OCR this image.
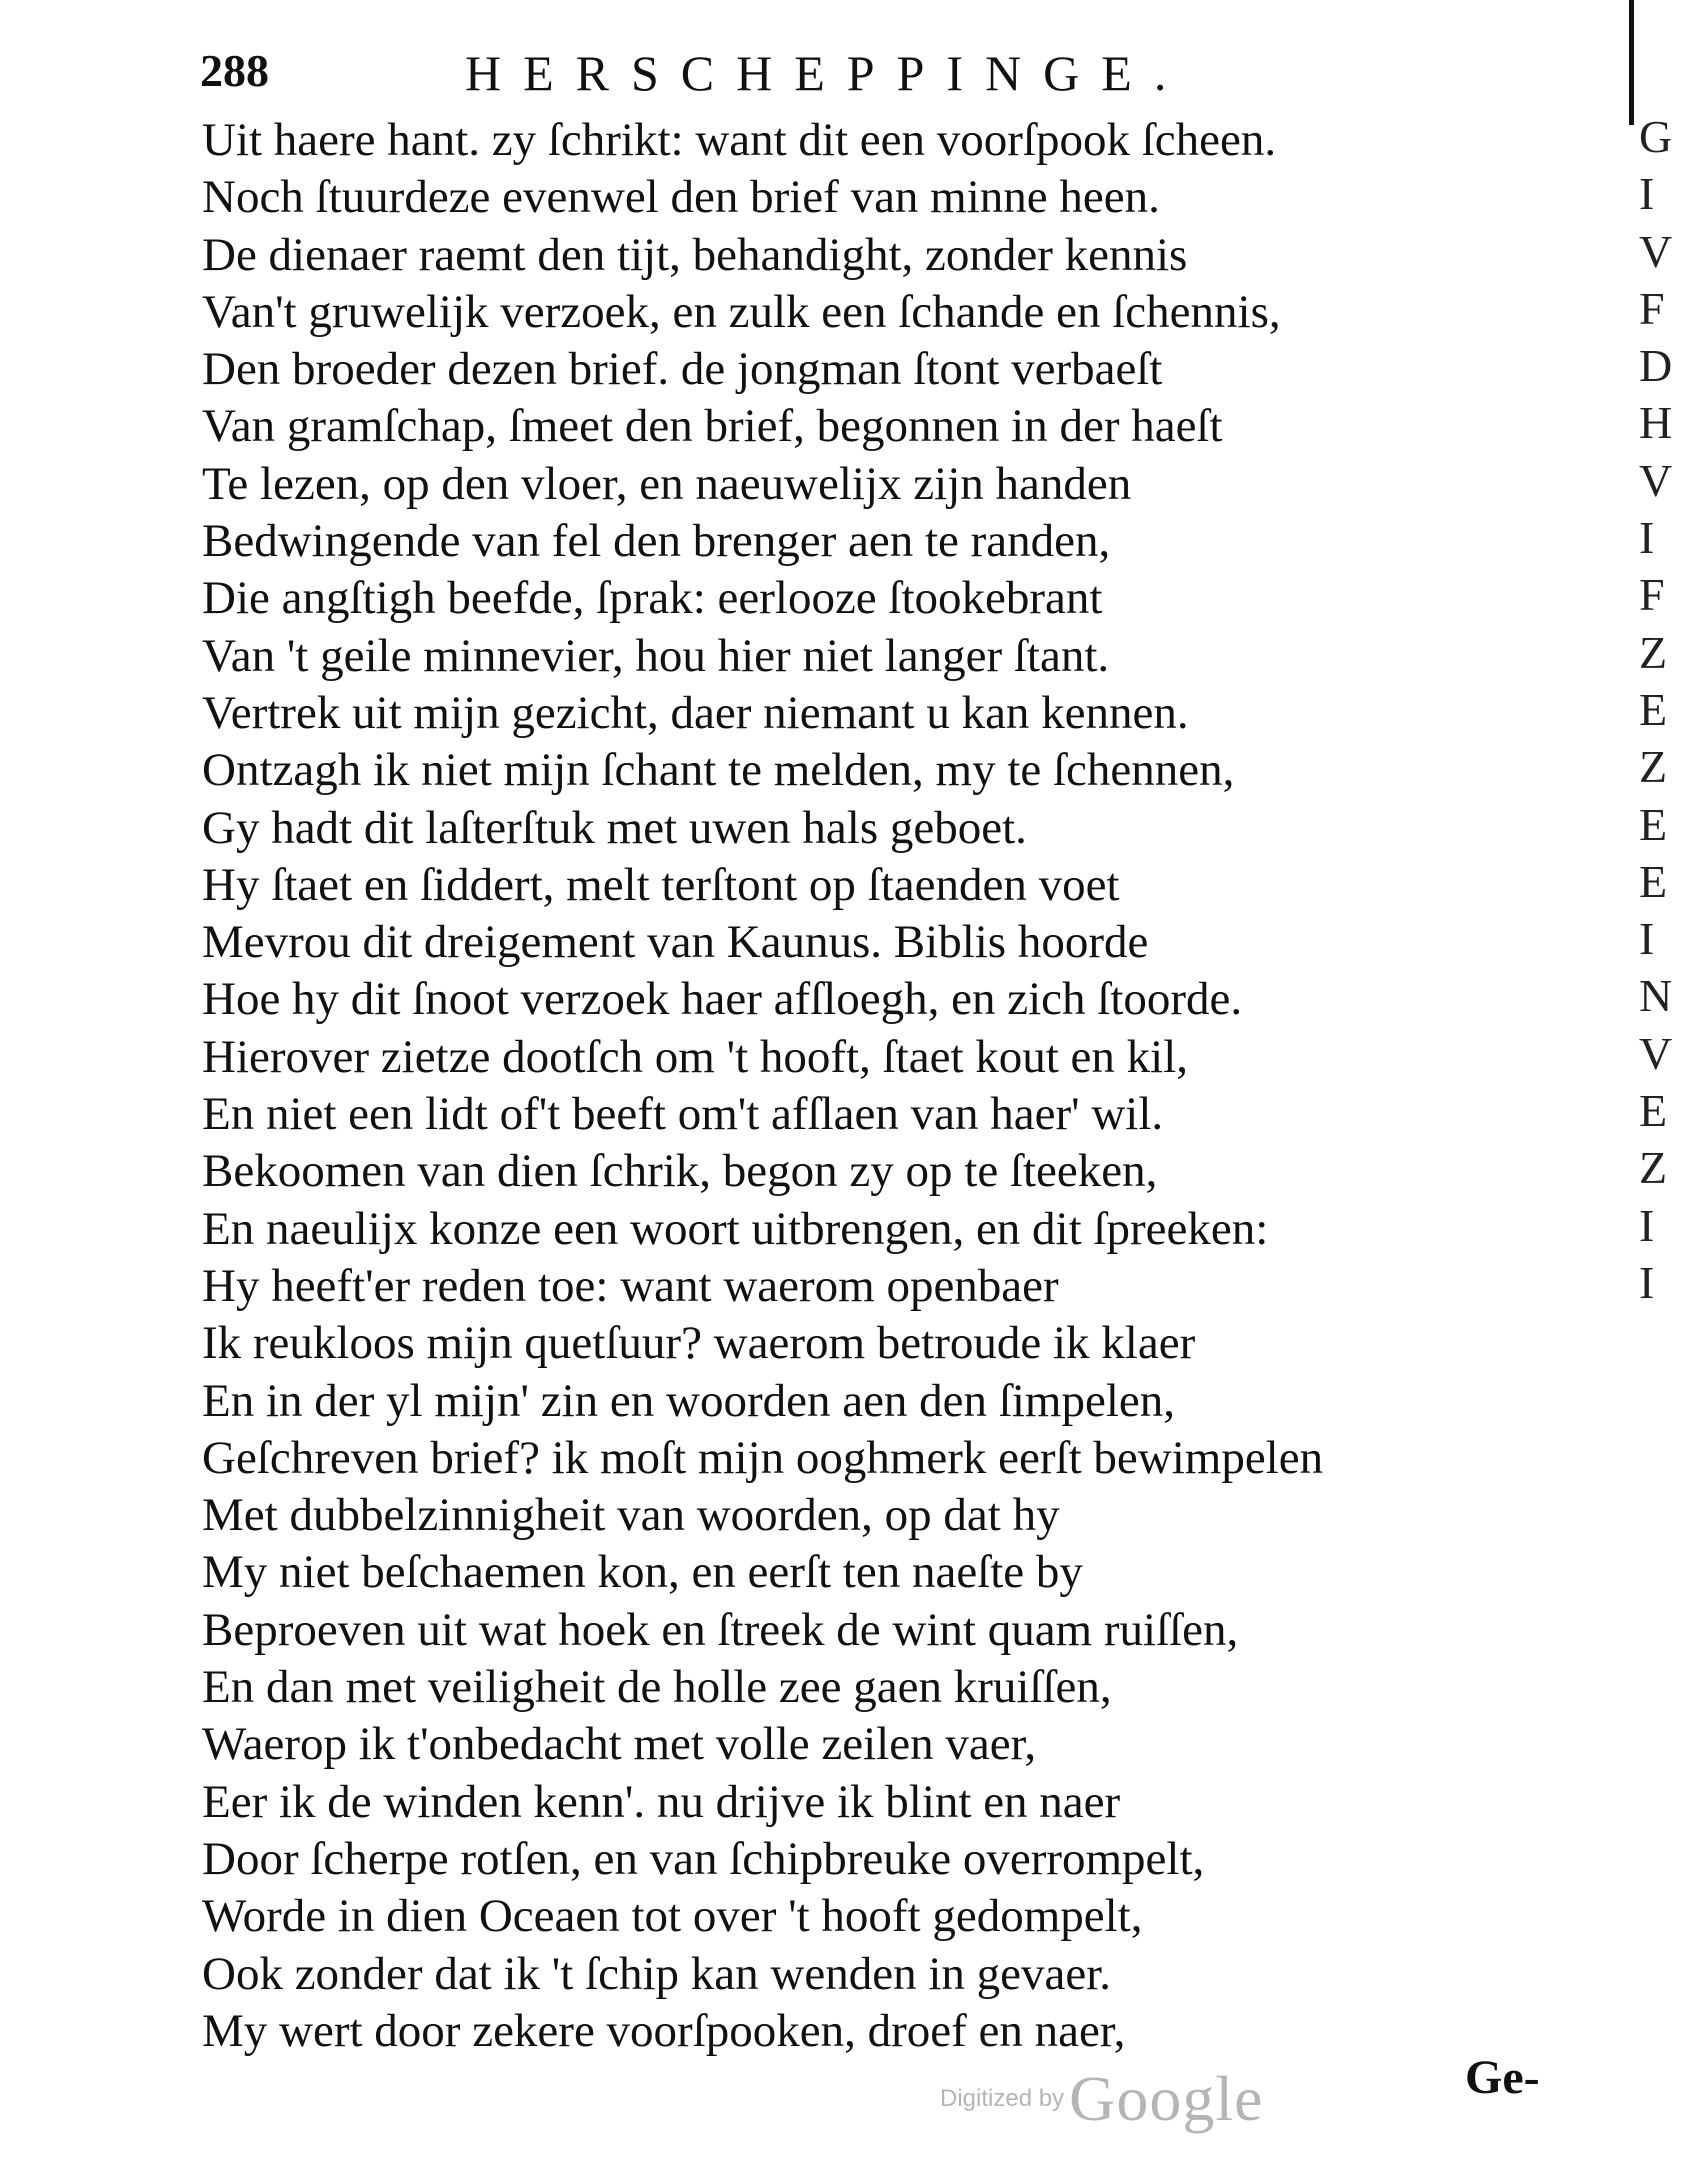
288	HERSCHEPPINGE.
Uit haere hant. zy ſchrikt: want dit een voorſpook ſcheen.
Noch ſtuurdeze evenwel den brief van minne heen.
De dienaer raemt den tijt, behandight, zonder kennis
Van't gruwelijk verzoek, en zulk een ſchande en ſchennis,
Den broeder dezen brief. de jongman ſtont verbaeſt
Van gramſchap, ſmeet den brief, begonnen in der haeſt
Te lezen, op den vloer, en naeuwelijx zijn handen
Bedwingende van fel den brenger aen te randen,
Die angſtigh beefde, ſprak: eerlooze ſtookebrant
Van 't geile minnevier, hou hier niet langer ſtant.
Vertrek uit mijn gezicht, daer niemant u kan kennen.
Ontzagh ik niet mijn ſchant te melden, my te ſchennen,
Gy hadt dit laſterſtuk met uwen hals geboet.
Hy ſtaet en ſiddert, melt terſtont op ſtaenden voet
Mevrou dit dreigement van Kaunus. Biblis hoorde
Hoe hy dit ſnoot verzoek haer afſloegh, en zich ſtoorde.
Hierover zietze dootſch om 't hooft, ſtaet kout en kil,
En niet een lidt of't beeft om't afſlaen van haer' wil.
Bekoomen van dien ſchrik, begon zy op te ſteeken,
En naeulijx konze een woort uitbrengen, en dit ſpreeken:
Hy heeft'er reden toe: want waerom openbaer
Ik reukloos mijn quetſuur? waerom betroude ik klaer
En in der yl mijn' zin en woorden aen den ſimpelen,
Geſchreven brief? ik moſt mijn ooghmerk eerſt bewimpelen
Met dubbelzinnigheit van woorden, op dat hy
My niet beſchaemen kon, en eerſt ten naeſte by
Beproeven uit wat hoek en ſtreek de wint quam ruiſſen,
En dan met veiligheit de holle zee gaen kruiſſen,
Waerop ik t'onbedacht met volle zeilen vaer,
Eer ik de winden kenn'. nu drijve ik blint en naer
Door ſcherpe rotſen, en van ſchipbreuke overrompelt,
Worde in dien Oceaen tot over 't hooft gedompelt,
Ook zonder dat ik 't ſchip kan wenden in gevaer.
My wert door zekere voorſpooken, droef en naer,
Digitized by Google	Ge-
G
I
V
F
D
H
V
I
F
Z
E
Z
E
E
I
N
V
E
Z
I
I
